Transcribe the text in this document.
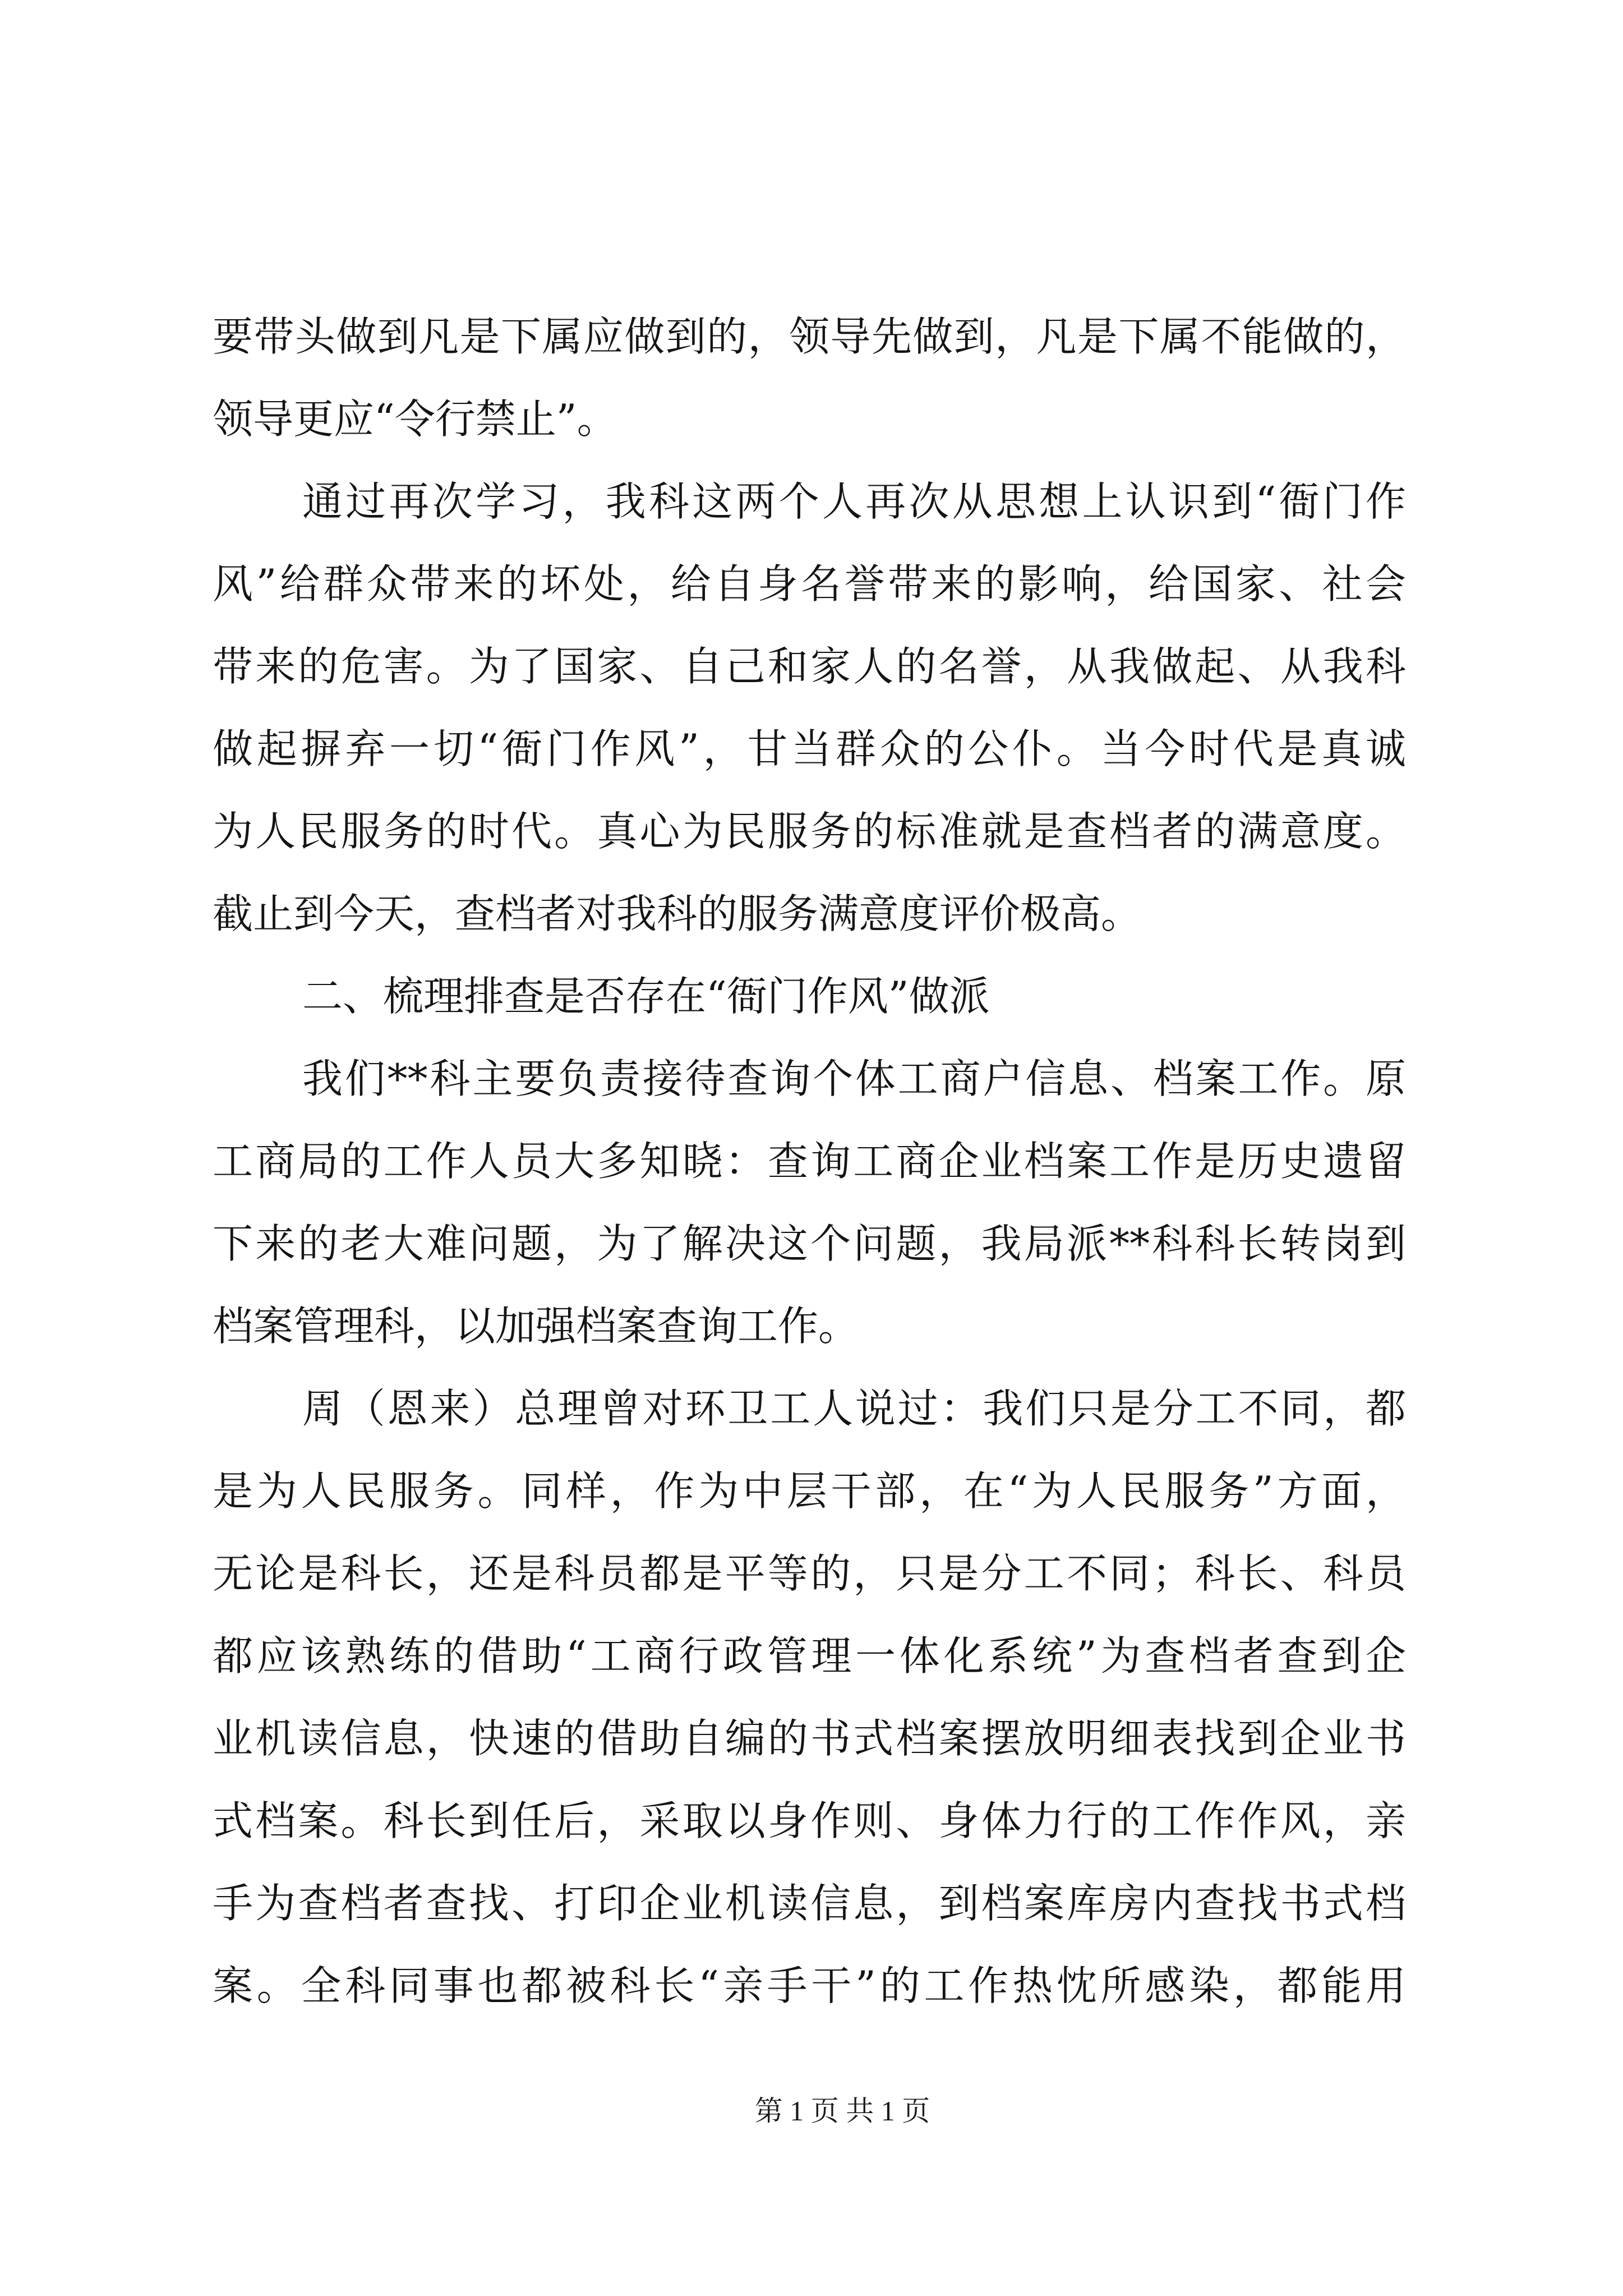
要带头做到凡是下属应做到的，领导先做到，凡是下属不能做的，
领导更应“令行禁止”。
通过再次学习，我科这两个人再次从思想上认识到“衙门作
风”给群众带来的坏处，给自身名誉带来的影响，给国家、社会
带来的危害。为了国家、自己和家人的名誉，从我做起、从我科
做起摒弃一切“衙门作风”，甘当群众的公仆。当今时代是真诚
为人民服务的时代。真心为民服务的标准就是查档者的满意度。
截止到今天，查档者对我科的服务满意度评价极高。
二、梳理排查是否存在“衙门作风”做派
我们**科主要负责接待查询个体工商户信息、档案工作。原
工商局的工作人员大多知晓：查询工商企业档案工作是历史遗留
下来的老大难问题，为了解决这个问题，我局派**科科长转岗到
档案管理科，以加强档案查询工作。
周（恩来）总理曾对环卫工人说过：我们只是分工不同，都
是为人民服务。同样，作为中层干部，在“为人民服务”方面，
无论是科长，还是科员都是平等的，只是分工不同；科长、科员
都应该熟练的借助“工商行政管理一体化系统”为查档者查到企
业机读信息，快速的借助自编的书式档案摆放明细表找到企业书
式档案。科长到任后，采取以身作则、身体力行的工作作风，亲
手为查档者查找、打印企业机读信息，到档案库房内查找书式档
案。全科同事也都被科长“亲手干”的工作热忱所感染，都能用
第 1 页 共 1 页
